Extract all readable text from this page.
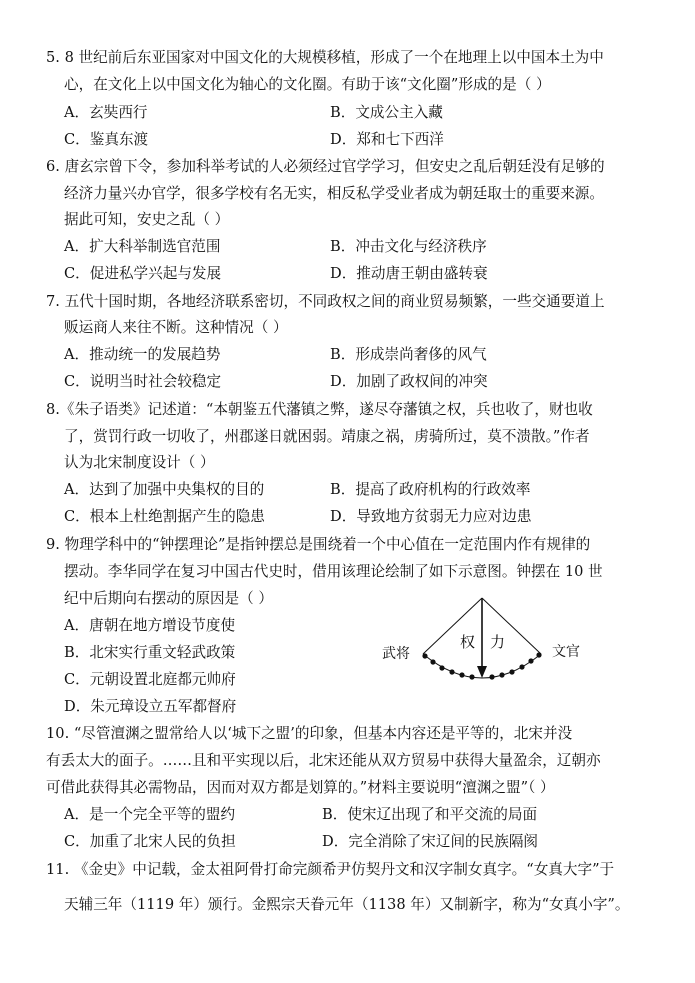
5. 8 世纪前后东亚国家对中国文化的大规模移植，形成了一个在地理上以中国本土为中
心，在文化上以中国文化为轴心的文化圈。有助于该“文化圈”形成的是（ ）
A．玄奘西行	B．文成公主入藏
C．鉴真东渡	D．郑和七下西洋
6. 唐玄宗曾下令，参加科举考试的人必须经过官学学习，但安史之乱后朝廷没有足够的
经济力量兴办官学，很多学校有名无实，相反私学受业者成为朝廷取士的重要来源。
据此可知，安史之乱（ ）
A．扩大科举制选官范围	B．冲击文化与经济秩序
C．促进私学兴起与发展	D．推动唐王朝由盛转衰
7. 五代十国时期，各地经济联系密切，不同政权之间的商业贸易频繁，一些交通要道上
贩运商人来往不断。这种情况（ ）
A．推动统一的发展趋势	B．形成崇尚奢侈的风气
C．说明当时社会较稳定	D．加剧了政权间的冲突
8.《朱子语类》记述道：“本朝鉴五代藩镇之弊，遂尽夺藩镇之权，兵也收了，财也收
了，赏罚行政一切收了，州郡遂日就困弱。靖康之祸，虏骑所过，莫不溃散。”作者
认为北宋制度设计（ ）
A．达到了加强中央集权的目的	B．提高了政府机构的行政效率
C．根本上杜绝割据产生的隐患	D．导致地方贫弱无力应对边患
9. 物理学科中的“钟摆理论”是指钟摆总是围绕着一个中心值在一定范围内作有规律的
摆动。李华同学在复习中国古代史时，借用该理论绘制了如下示意图。钟摆在 10 世
纪中后期向右摆动的原因是（ ）
A．唐朝在地方增设节度使
B．北宋实行重文轻武政策
C．元朝设置北庭都元帅府
D．朱元璋设立五军都督府
武将	文官
权 力
10. “尽管澶渊之盟常给人以‘城下之盟’的印象，但基本内容还是平等的，北宋并没
有丢太大的面子。……且和平实现以后，北宋还能从双方贸易中获得大量盈余，辽朝亦
可借此获得其必需物品，因而对双方都是划算的。”材料主要说明“澶渊之盟”（ ）
A．是一个完全平等的盟约	B．使宋辽出现了和平交流的局面
C．加重了北宋人民的负担	D．完全消除了宋辽间的民族隔阂
11. 《金史》中记载，金太祖阿骨打命完颜希尹仿契丹文和汉字制女真字。“女真大字”于
天辅三年（1119 年）颁行。金熙宗天眷元年（1138 年）又制新字，称为“女真小字”。
